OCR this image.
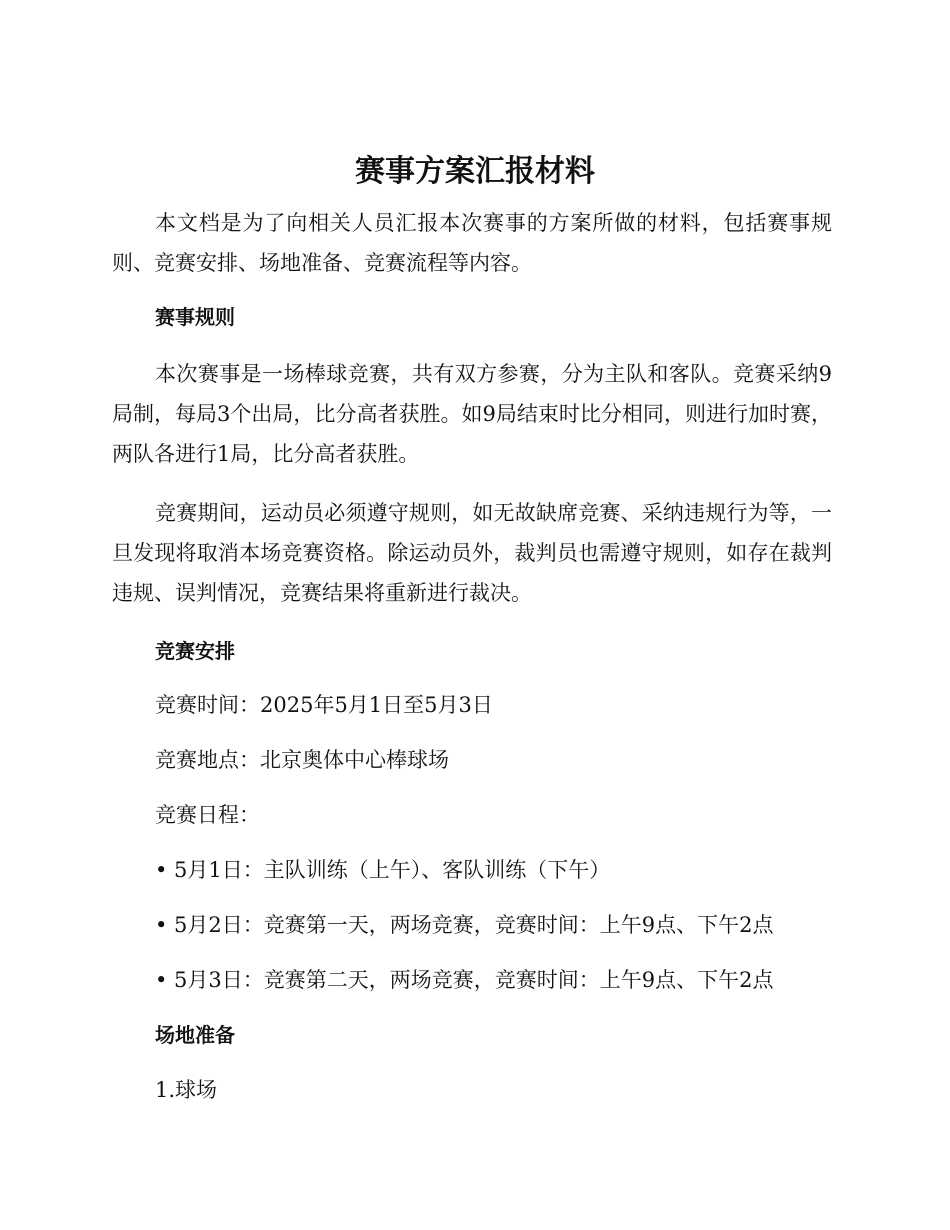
赛事方案汇报材料

本文档是为了向相关人员汇报本次赛事的方案所做的材料，包括赛事规则、竞赛安排、场地准备、竞赛流程等内容。

赛事规则

本次赛事是一场棒球竞赛，共有双方参赛，分为主队和客队。竞赛采纳9局制，每局3个出局，比分高者获胜。如9局结束时比分相同，则进行加时赛，两队各进行1局，比分高者获胜。

竞赛期间，运动员必须遵守规则，如无故缺席竞赛、采纳违规行为等，一旦发现将取消本场竞赛资格。除运动员外，裁判员也需遵守规则，如存在裁判违规、误判情况，竞赛结果将重新进行裁决。

竞赛安排

竞赛时间：2025年5月1日至5月3日

竞赛地点：北京奥体中心棒球场

竞赛日程：

• 5月1日：主队训练（上午）、客队训练（下午）

• 5月2日：竞赛第一天，两场竞赛，竞赛时间：上午9点、下午2点

• 5月3日：竞赛第二天，两场竞赛，竞赛时间：上午9点、下午2点

场地准备

1.球场
